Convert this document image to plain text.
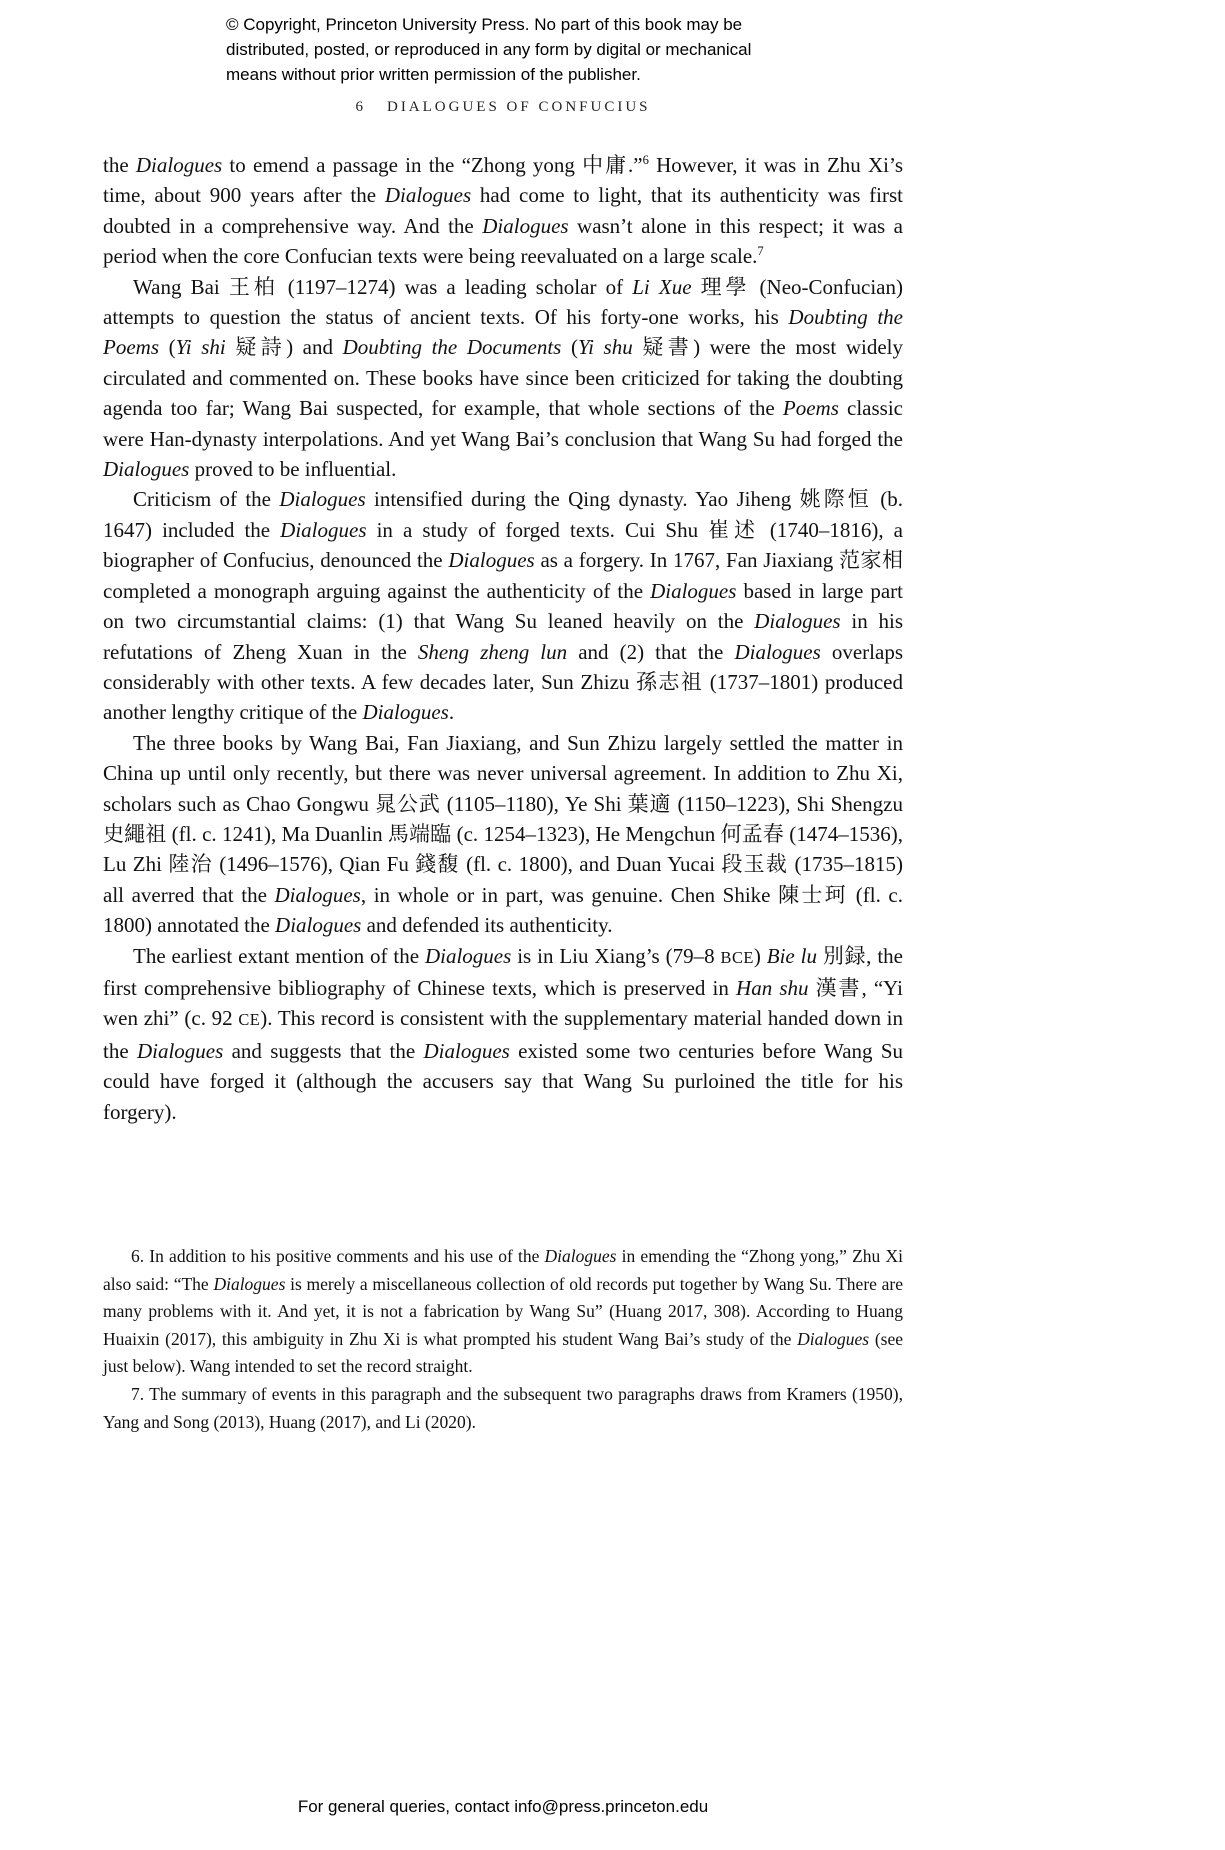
© Copyright, Princeton University Press. No part of this book may be
distributed, posted, or reproduced in any form by digital or mechanical
means without prior written permission of the publisher.
6 DIALOGUES OF CONFUCIUS

the Dialogues to emend a passage in the “Zhong yong 中庸.”$^6$ However, it was in Zhu Xi’s time, about 900 years after the Dialogues had come to light, that its authenticity was first doubted in a comprehensive way. And the Dialogues wasn’t alone in this respect; it was a period when the core Confucian texts were being reevaluated on a large scale.$^7$

Wang Bai 王柏 (1197–1274) was a leading scholar of Li Xue 理學 (Neo-Confucian) attempts to question the status of ancient texts. Of his forty-one works, his Doubting the Poems (Yi shi 疑詩) and Doubting the Documents (Yi shu 疑書) were the most widely circulated and commented on. These books have since been criticized for taking the doubting agenda too far; Wang Bai suspected, for example, that whole sections of the Poems classic were Han-dynasty interpolations. And yet Wang Bai’s conclusion that Wang Su had forged the Dialogues proved to be influential.

Criticism of the Dialogues intensified during the Qing dynasty. Yao Jiheng 姚際恒 (b. 1647) included the Dialogues in a study of forged texts. Cui Shu 崔述 (1740–1816), a biographer of Confucius, denounced the Dialogues as a forgery. In 1767, Fan Jiaxiang 范家相 completed a monograph arguing against the authenticity of the Dialogues based in large part on two circumstantial claims: (1) that Wang Su leaned heavily on the Dialogues in his refutations of Zheng Xuan in the Sheng zheng lun and (2) that the Dialogues overlaps considerably with other texts. A few decades later, Sun Zhizu 孫志祖 (1737–1801) produced another lengthy critique of the Dialogues.

The three books by Wang Bai, Fan Jiaxiang, and Sun Zhizu largely settled the matter in China up until only recently, but there was never universal agreement. In addition to Zhu Xi, scholars such as Chao Gongwu 晁公武 (1105–1180), Ye Shi 葉適 (1150–1223), Shi Shengzu 史繩祖 (fl. c. 1241), Ma Duanlin 馬端臨 (c. 1254–1323), He Mengchun 何孟春 (1474–1536), Lu Zhi 陸治 (1496–1576), Qian Fu 錢馥 (fl. c. 1800), and Duan Yucai 段玉裁 (1735–1815) all averred that the Dialogues, in whole or in part, was genuine. Chen Shike 陳士珂 (fl. c. 1800) annotated the Dialogues and defended its authenticity.

The earliest extant mention of the Dialogues is in Liu Xiang’s (79–8 BCE) Bie lu 別録, the first comprehensive bibliography of Chinese texts, which is preserved in Han shu 漢書, “Yi wen zhi” (c. 92 CE). This record is consistent with the supplementary material handed down in the Dialogues and suggests that the Dialogues existed some two centuries before Wang Su could have forged it (although the accusers say that Wang Su purloined the title for his forgery).

6. In addition to his positive comments and his use of the Dialogues in emending the “Zhong yong,” Zhu Xi also said: “The Dialogues is merely a miscellaneous collection of old records put together by Wang Su. There are many problems with it. And yet, it is not a fabrication by Wang Su” (Huang 2017, 308). According to Huang Huaixin (2017), this ambiguity in Zhu Xi is what prompted his student Wang Bai’s study of the Dialogues (see just below). Wang intended to set the record straight.

7. The summary of events in this paragraph and the subsequent two paragraphs draws from Kramers (1950), Yang and Song (2013), Huang (2017), and Li (2020).

For general queries, contact info@press.princeton.edu
